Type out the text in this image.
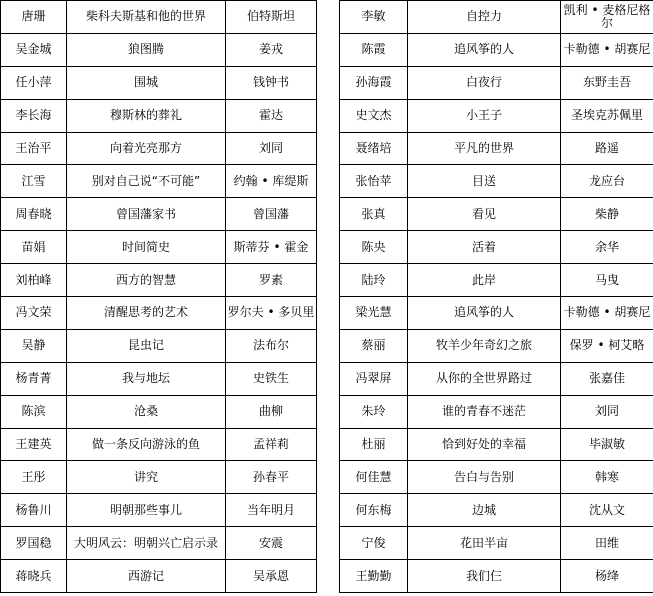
唐珊	柴科夫斯基和他的世界	伯特斯坦
吴金城	狼图腾	姜戎
任小萍	围城	钱钟书
李长海	穆斯林的葬礼	霍达
王治平	向着光亮那方	刘同
江雪	别对自己说“不可能”	约翰 • 库缇斯
周春晓	曾国藩家书	曾国藩
苗娟	时间简史	斯蒂芬 • 霍金
刘柏峰	西方的智慧	罗素
冯文荣	清醒思考的艺术	罗尔夫 • 多贝里
吴静	昆虫记	法布尔
杨青菁	我与地坛	史铁生
陈滨	沧桑	曲柳
王建英	做一条反向游泳的鱼	孟祥莉
王彤	讲究	孙春平
杨鲁川	明朝那些事儿	当年明月
罗国稳	大明风云：明朝兴亡启示录	安震
蒋晓兵	西游记	吴承恩
李敏	自控力	凯利 • 麦格尼格尔
陈霞	追风筝的人	卡勒德 • 胡赛尼
孙海霞	白夜行	东野圭吾
史文杰	小王子	圣埃克苏佩里
聂绪培	平凡的世界	路遥
张怡苹	目送	龙应台
张真	看见	柴静
陈央	活着	余华
陆玲	此岸	马曳
梁光慧	追风筝的人	卡勒德 • 胡赛尼
蔡丽	牧羊少年奇幻之旅	保罗 • 柯艾略
冯翠屏	从你的全世界路过	张嘉佳
朱玲	谁的青春不迷茫	刘同
杜丽	恰到好处的幸福	毕淑敏
何佳慧	告白与告别	韩寒
何东梅	边城	沈从文
宁俊	花田半亩	田维
王勤勤	我们仨	杨绛
